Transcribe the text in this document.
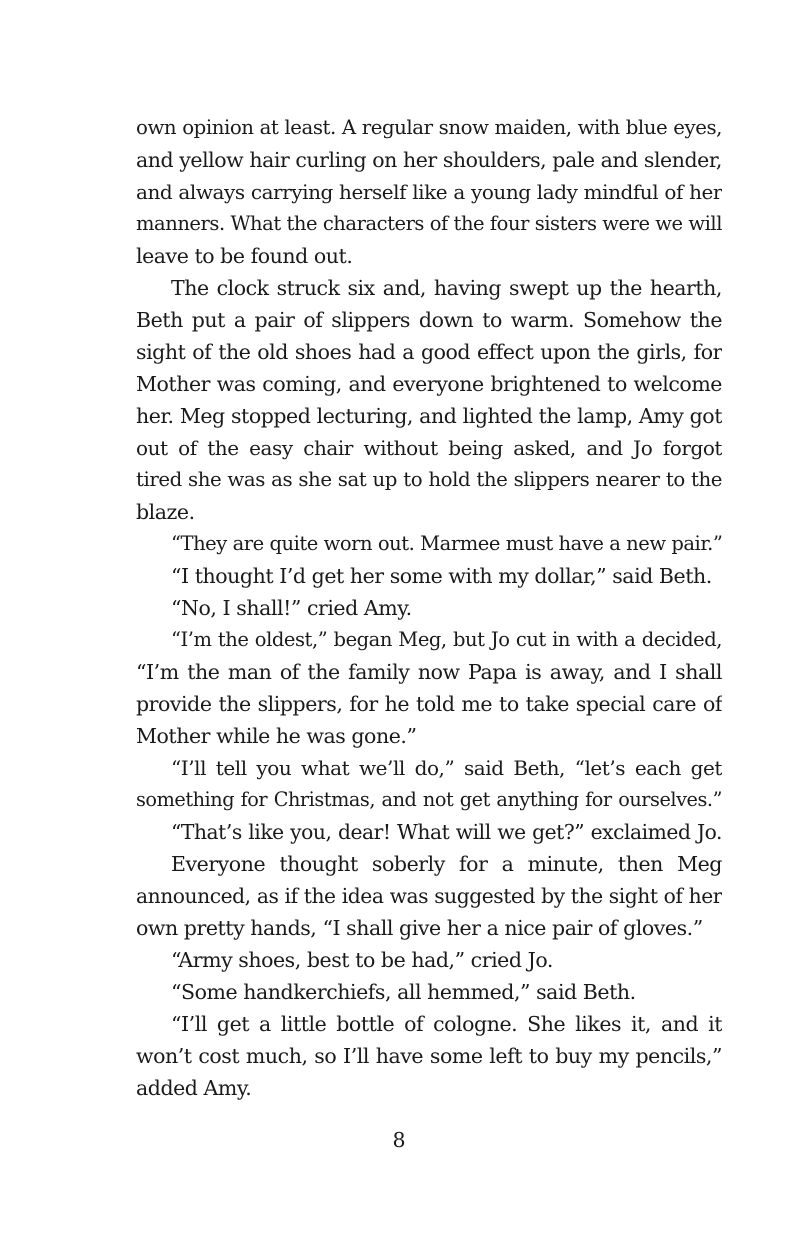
own opinion at least. A regular snow maiden, with blue eyes,
and yellow hair curling on her shoulders, pale and slender,
and always carrying herself like a young lady mindful of her
manners. What the characters of the four sisters were we will
leave to be found out.
The clock struck six and, having swept up the hearth,
Beth put a pair of slippers down to warm. Somehow the
sight of the old shoes had a good effect upon the girls, for
Mother was coming, and everyone brightened to welcome
her. Meg stopped lecturing, and lighted the lamp, Amy got
out of the easy chair without being asked, and Jo forgot
tired she was as she sat up to hold the slippers nearer to the
blaze.
“They are quite worn out. Marmee must have a new pair.”
“I thought I’d get her some with my dollar,” said Beth.
“No, I shall!” cried Amy.
“I’m the oldest,” began Meg, but Jo cut in with a decided,
“I’m the man of the family now Papa is away, and I shall
provide the slippers, for he told me to take special care of
Mother while he was gone.”
“I’ll tell you what we’ll do,” said Beth, “let’s each get
something for Christmas, and not get anything for ourselves.”
“That’s like you, dear! What will we get?” exclaimed Jo.
Everyone thought soberly for a minute, then Meg
announced, as if the idea was suggested by the sight of her
own pretty hands, “I shall give her a nice pair of gloves.”
“Army shoes, best to be had,” cried Jo.
“Some handkerchiefs, all hemmed,” said Beth.
“I’ll get a little bottle of cologne. She likes it, and it
won’t cost much, so I’ll have some left to buy my pencils,”
added Amy.
8
